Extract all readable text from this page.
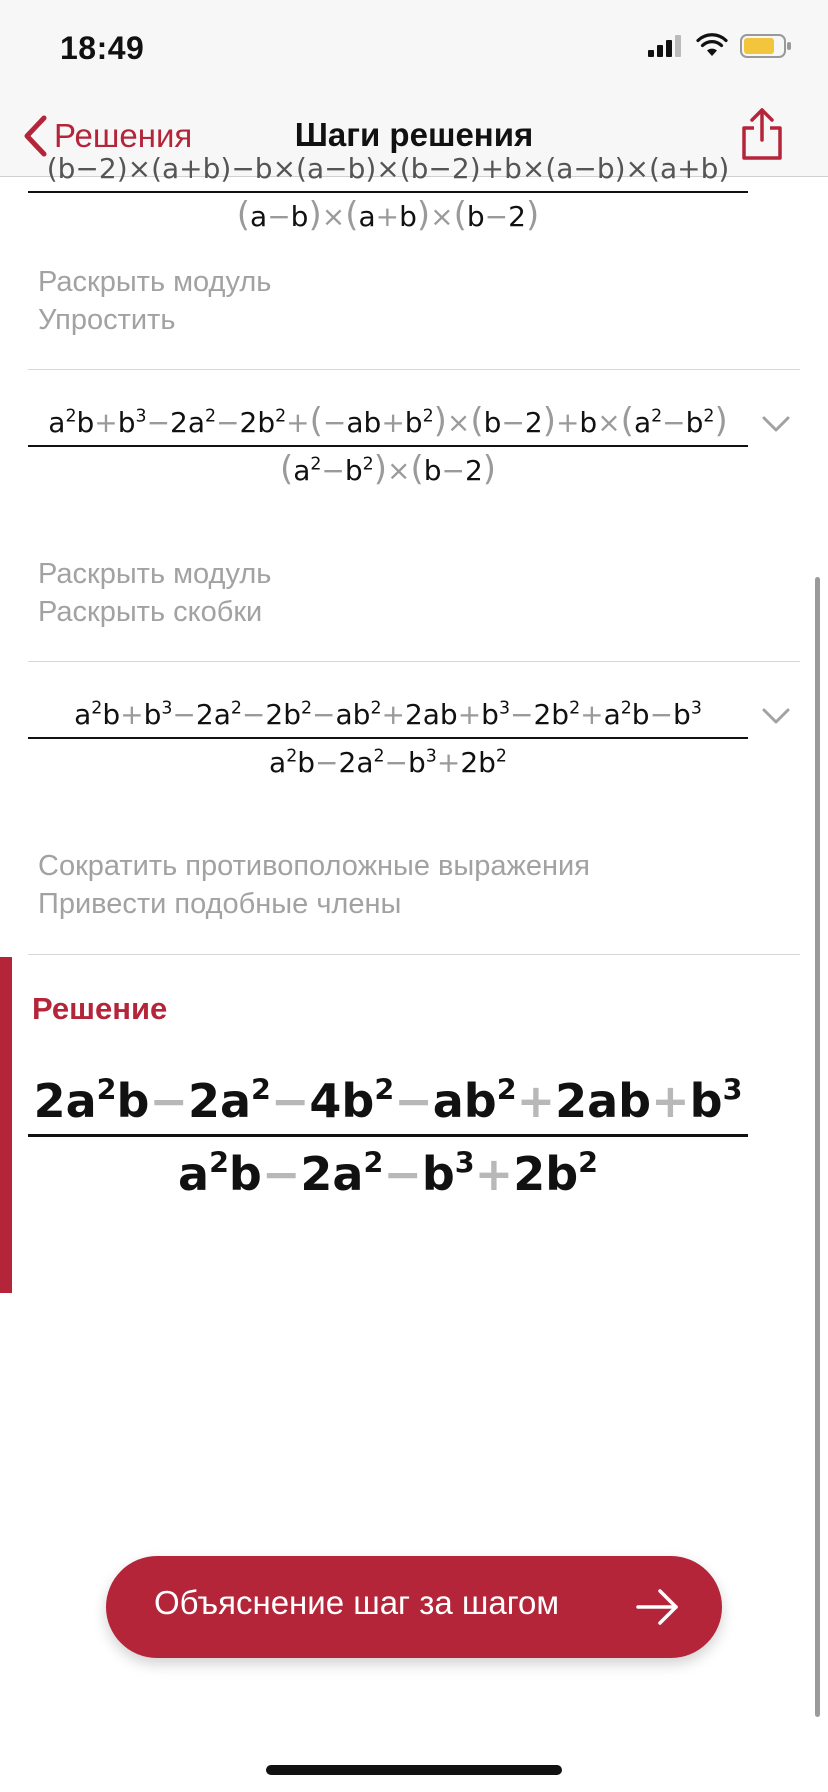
18:49
Решения	Шаги решения
(b−2)×(a+b)−b×(a−b)×(b−2)+b×(a−b)×(a+b)
(a−b)×(a+b)×(b−2)
Раскрыть модуль
Упростить
$a^2b+b^3-2a^2-2b^2+(-ab+b^2)\times(b-2)+b\times(a^2-b^2)$
$(a^2-b^2)\times(b-2)$
Раскрыть модуль
Раскрыть скобки
$a^2b+b^3-2a^2-2b^2-ab^2+2ab+b^3-2b^2+a^2b-b^3$
$a^2b-2a^2-b^3+2b^2$
Сократить противоположные выражения
Привести подобные члены
Решение
$2a^2b-2a^2-4b^2-ab^2+2ab+b^3$
$a^2b-2a^2-b^3+2b^2$
Объяснение шаг за шагом
